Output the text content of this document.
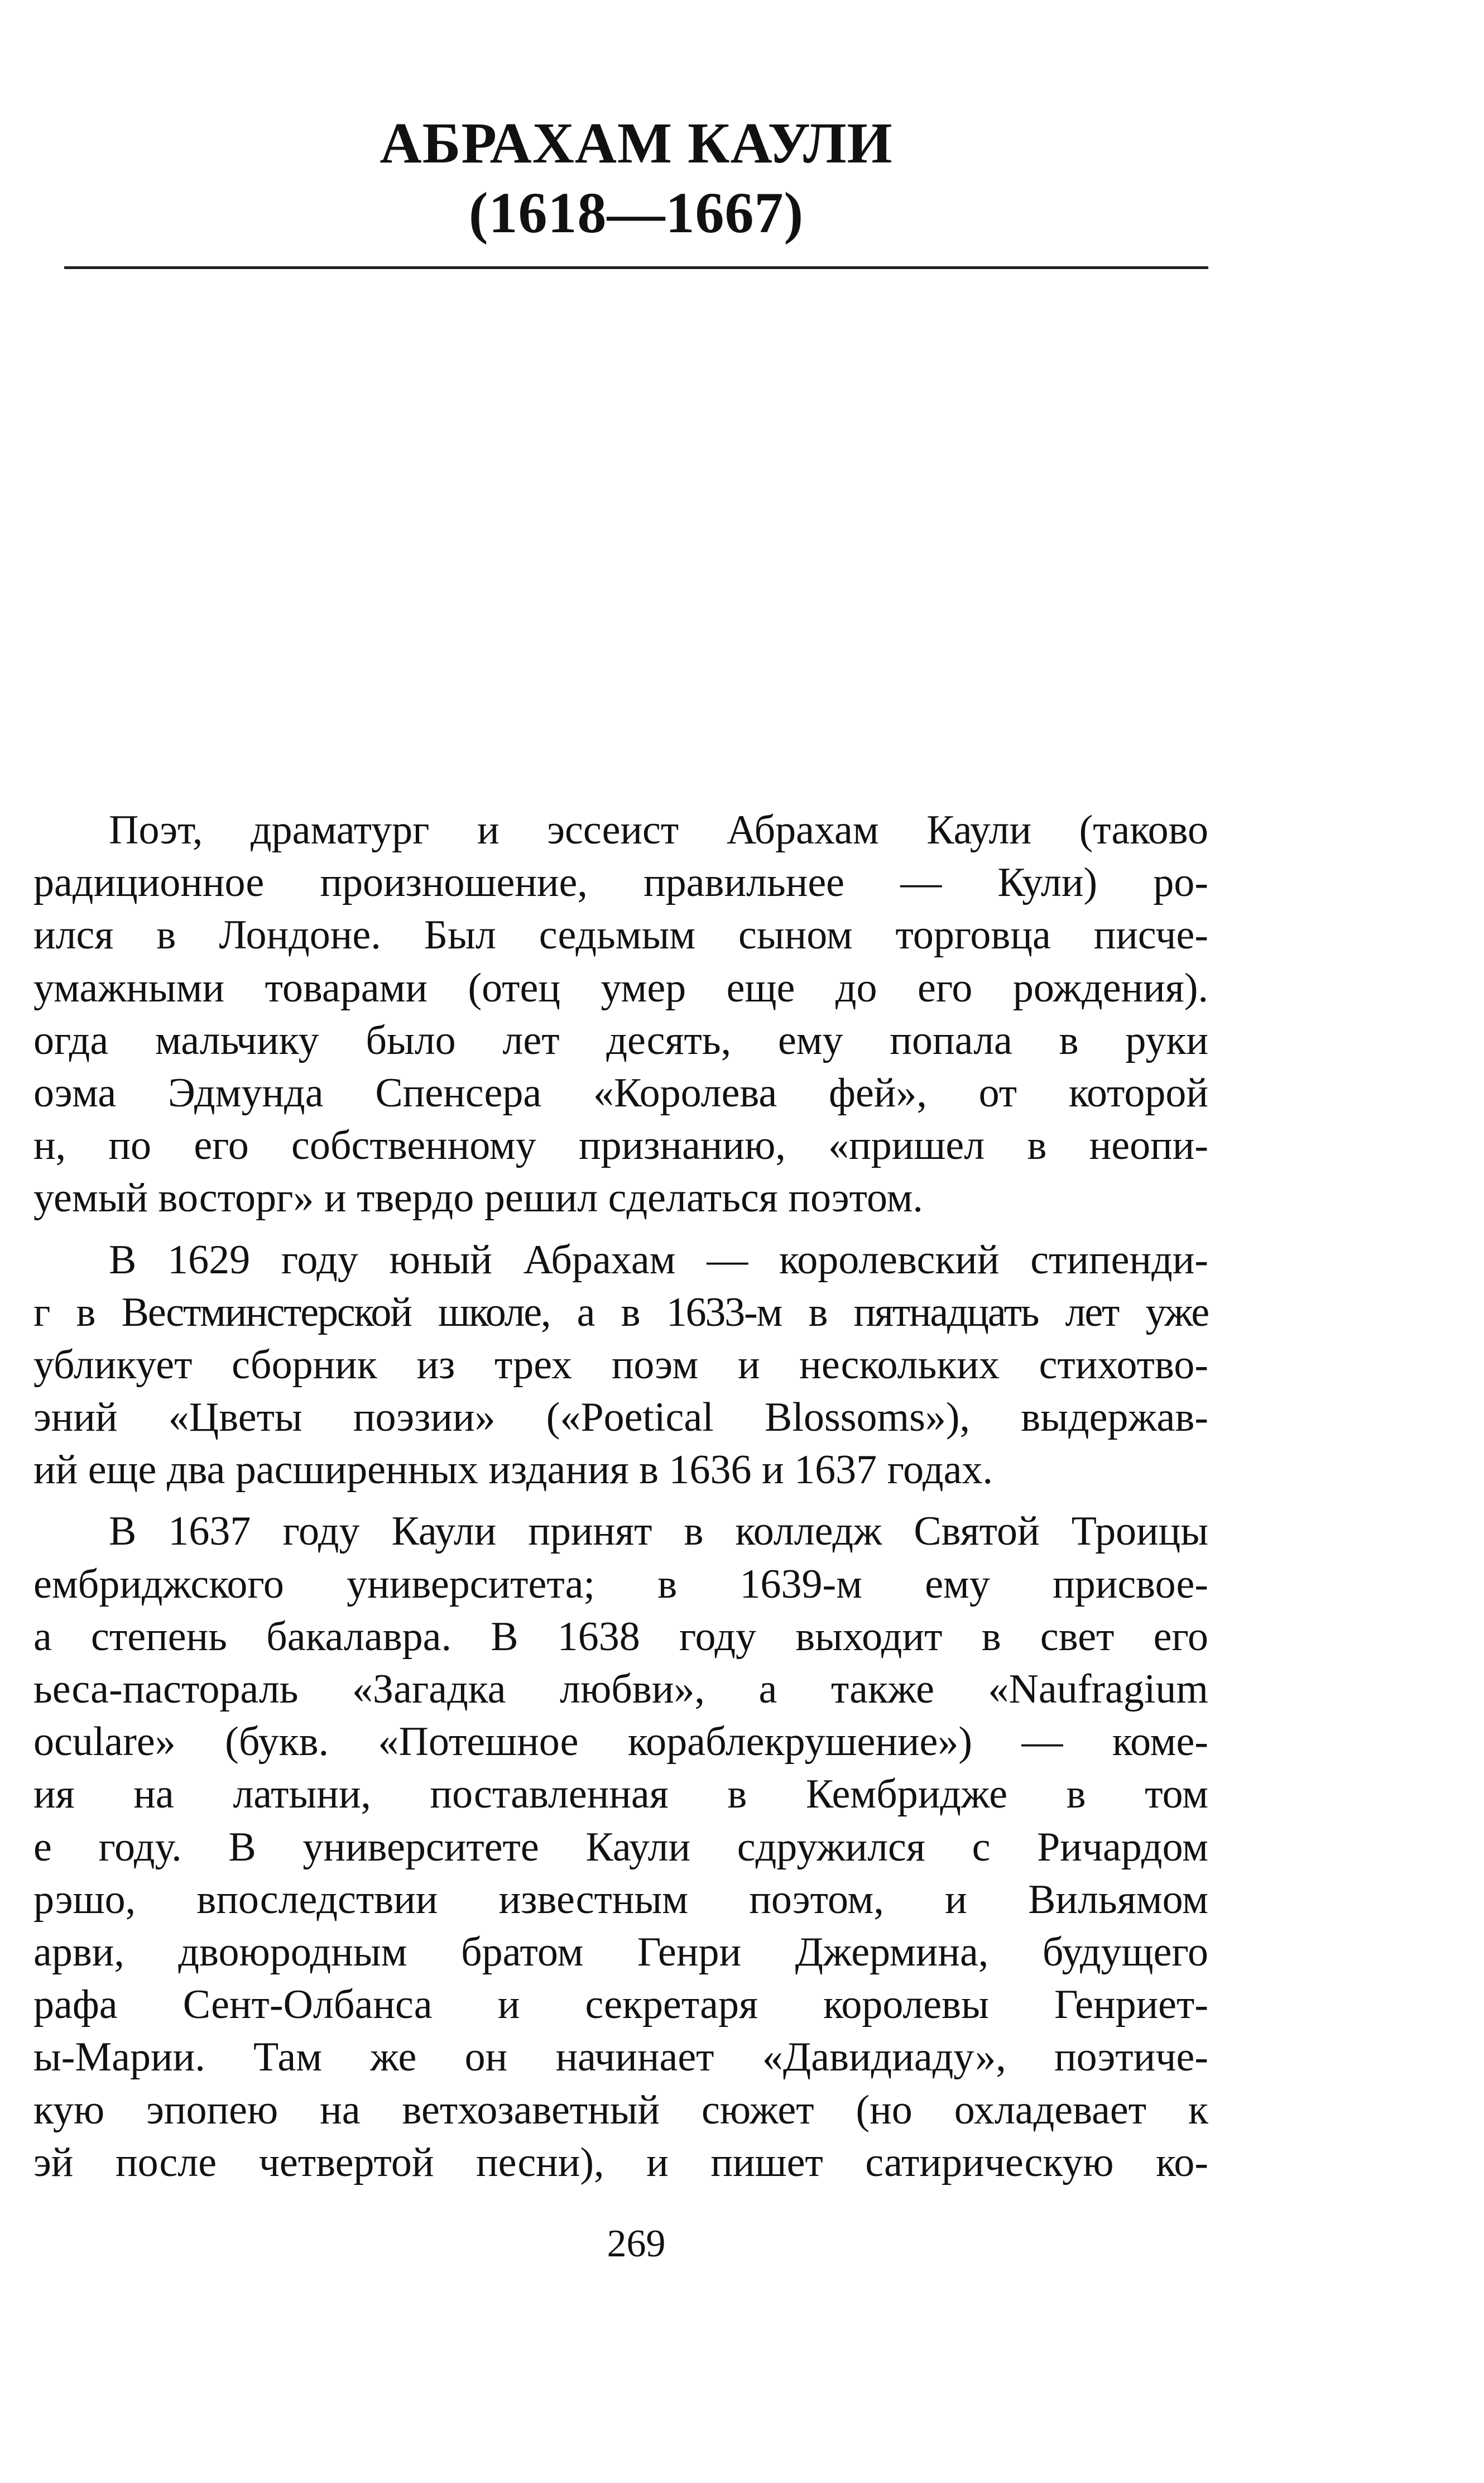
АБРАХАМ КАУЛИ
(1618—1667)

Поэт, драматург и эссеист Абрахам Каули (таково
радиционное произношение, правильнее — Кули) ро-
ился в Лондоне. Был седьмым сыном торговца писче-
умажными товарами (отец умер еще до его рождения).
огда мальчику было лет десять, ему попала в руки
оэма Эдмунда Спенсера «Королева фей», от которой
н, по его собственному признанию, «пришел в неопи-
уемый восторг» и твердо решил сделаться поэтом.

В 1629 году юный Абрахам — королевский стипенди-
г в Вестминстерской школе, а в 1633-м в пятнадцать лет уже
убликует сборник из трех поэм и нескольких стихотво-
эний «Цветы поэзии» («Poetical Blossoms»), выдержав-
ий еще два расширенных издания в 1636 и 1637 годах.

В 1637 году Каули принят в колледж Святой Троицы
ембриджского университета; в 1639-м ему присвое-
а степень бакалавра. В 1638 году выходит в свет его
ьеса-пастораль «Загадка любви», а также «Naufragium
oculare» (букв. «Потешное кораблекрушение») — коме-
ия на латыни, поставленная в Кембридже в том
е году. В университете Каули сдружился с Ричардом
рэшо, впоследствии известным поэтом, и Вильямом
арви, двоюродным братом Генри Джермина, будущего
рафа Сент-Олбанса и секретаря королевы Генриет-
ы-Марии. Там же он начинает «Давидиаду», поэтиче-
кую эпопею на ветхозаветный сюжет (но охладевает к
эй после четвертой песни), и пишет сатирическую ко-

269
